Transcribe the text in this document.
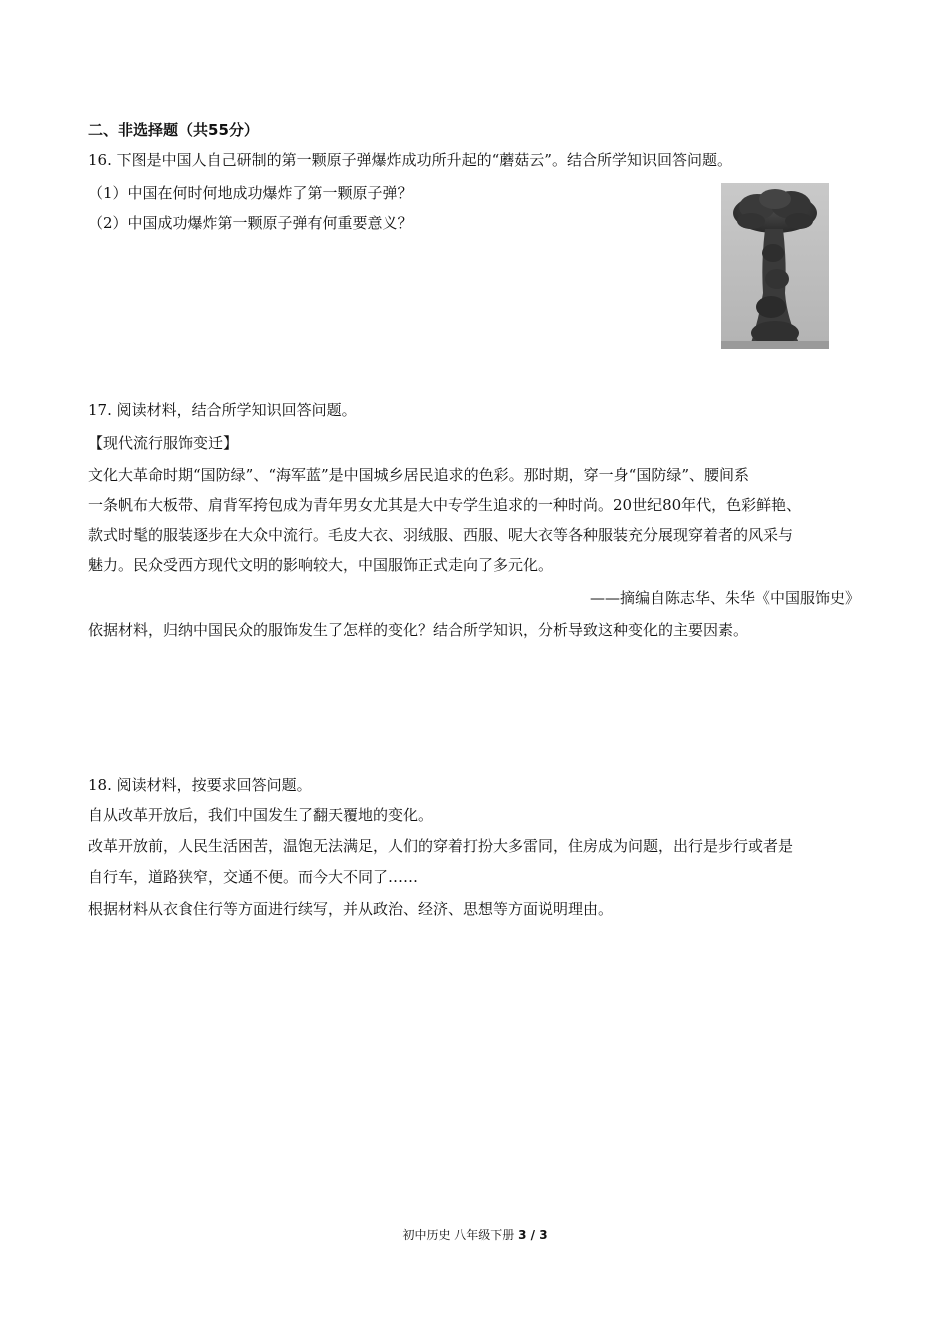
二、非选择题（共55分）
16. 下图是中国人自己研制的第一颗原子弹爆炸成功所升起的“蘑菇云”。结合所学知识回答问题。
（1）中国在何时何地成功爆炸了第一颗原子弹？
（2）中国成功爆炸第一颗原子弹有何重要意义？
17. 阅读材料，结合所学知识回答问题。
【现代流行服饰变迁】
文化大革命时期“国防绿”、“海军蓝”是中国城乡居民追求的色彩。那时期，穿一身“国防绿”、腰间系
一条帆布大板带、肩背军挎包成为青年男女尤其是大中专学生追求的一种时尚。20世纪80年代，色彩鲜艳、
款式时髦的服装逐步在大众中流行。毛皮大衣、羽绒服、西服、呢大衣等各种服装充分展现穿着者的风采与
魅力。民众受西方现代文明的影响较大，中国服饰正式走向了多元化。
——摘编自陈志华、朱华《中国服饰史》
依据材料，归纳中国民众的服饰发生了怎样的变化？结合所学知识，分析导致这种变化的主要因素。
18. 阅读材料，按要求回答问题。
自从改革开放后，我们中国发生了翻天覆地的变化。
改革开放前，人民生活困苦，温饱无法满足，人们的穿着打扮大多雷同，住房成为问题，出行是步行或者是
自行车，道路狭窄，交通不便。而今大不同了……
根据材料从衣食住行等方面进行续写，并从政治、经济、思想等方面说明理由。
初中历史 八年级下册 3 / 3
